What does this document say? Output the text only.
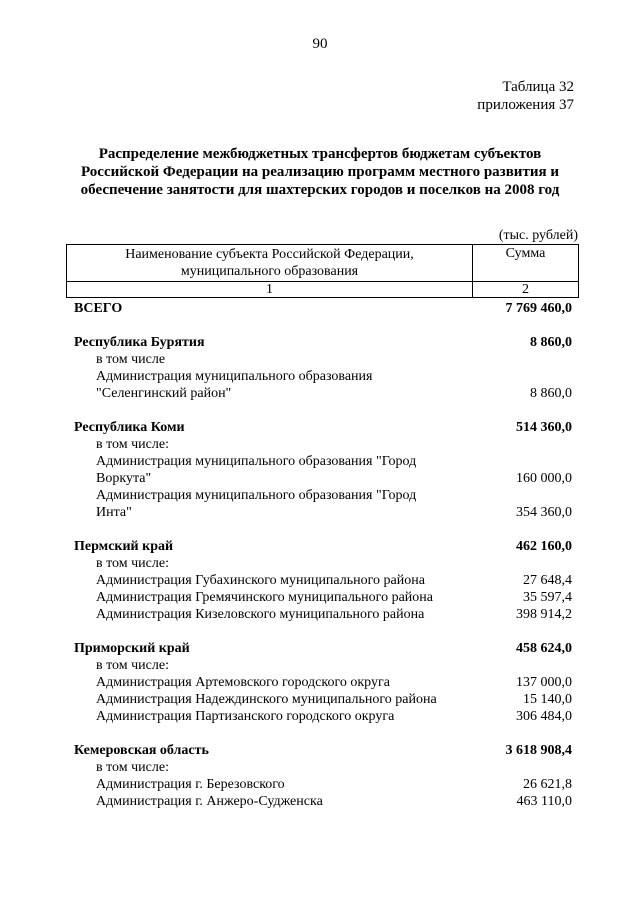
90
Таблица 32
приложения 37
Распределение межбюджетных трансфертов бюджетам субъектов
Российской Федерации на реализацию программ местного развития и
обеспечение занятости для шахтерских городов и поселков на 2008 год
(тыс. рублей)
Наименование субъекта Российской Федерации,
муниципального образования	Сумма
1	2
ВСЕГО	7 769 460,0
Республика Бурятия	8 860,0
в том числе
Администрация муниципального образования
"Селенгинский район"	8 860,0
Республика Коми	514 360,0
в том числе:
Администрация муниципального образования "Город
Воркута"	160 000,0
Администрация муниципального образования "Город
Инта"	354 360,0
Пермский край	462 160,0
в том числе:
Администрация Губахинского муниципального района	27 648,4
Администрация Гремячинского муниципального района	35 597,4
Администрация Кизеловского муниципального района	398 914,2
Приморский край	458 624,0
в том числе:
Администрация Артемовского городского округа	137 000,0
Администрация Надеждинского муниципального района	15 140,0
Администрация Партизанского городского округа	306 484,0
Кемеровская область	3 618 908,4
в том числе:
Администрация г. Березовского	26 621,8
Администрация г. Анжеро-Судженска	463 110,0
